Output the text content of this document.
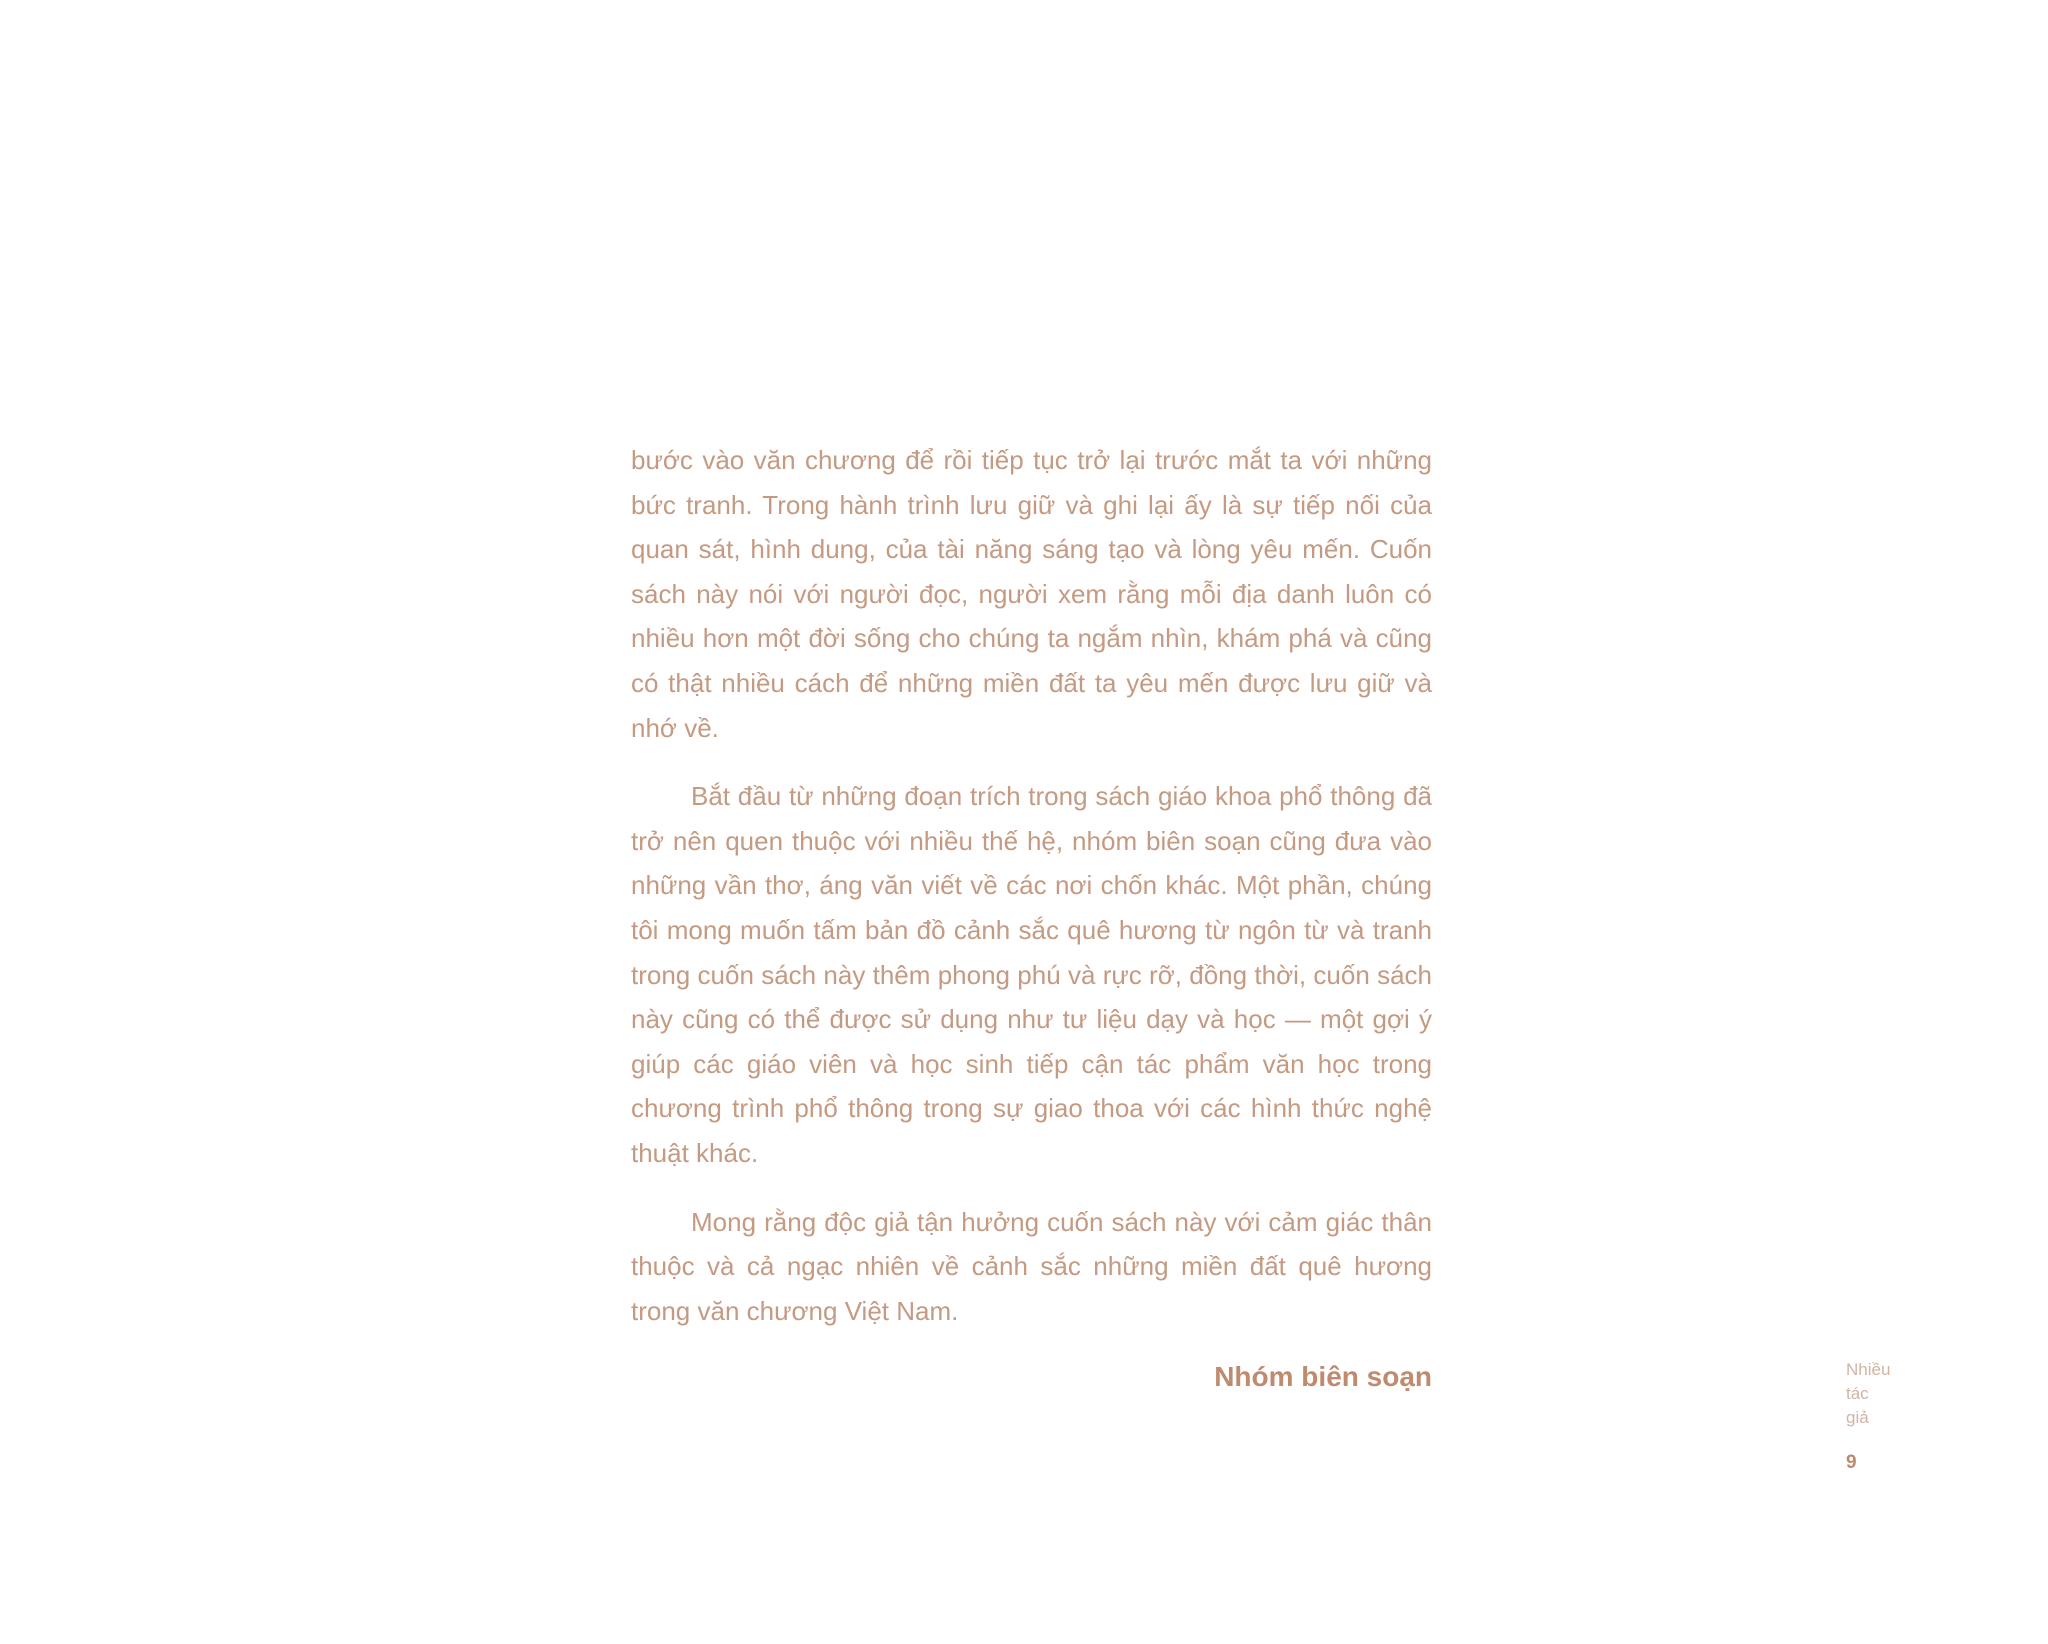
bước vào văn chương để rồi tiếp tục trở lại trước mắt ta với những bức tranh. Trong hành trình lưu giữ và ghi lại ấy là sự tiếp nối của quan sát, hình dung, của tài năng sáng tạo và lòng yêu mến. Cuốn sách này nói với người đọc, người xem rằng mỗi địa danh luôn có nhiều hơn một đời sống cho chúng ta ngắm nhìn, khám phá và cũng có thật nhiều cách để những miền đất ta yêu mến được lưu giữ và nhớ về.

Bắt đầu từ những đoạn trích trong sách giáo khoa phổ thông đã trở nên quen thuộc với nhiều thế hệ, nhóm biên soạn cũng đưa vào những vần thơ, áng văn viết về các nơi chốn khác. Một phần, chúng tôi mong muốn tấm bản đồ cảnh sắc quê hương từ ngôn từ và tranh trong cuốn sách này thêm phong phú và rực rỡ, đồng thời, cuốn sách này cũng có thể được sử dụng như tư liệu dạy và học — một gợi ý giúp các giáo viên và học sinh tiếp cận tác phẩm văn học trong chương trình phổ thông trong sự giao thoa với các hình thức nghệ thuật khác.

Mong rằng độc giả tận hưởng cuốn sách này với cảm giác thân thuộc và cả ngạc nhiên về cảnh sắc những miền đất quê hương trong văn chương Việt Nam.

Nhóm biên soạn	Nhiều
tác
giả
9
